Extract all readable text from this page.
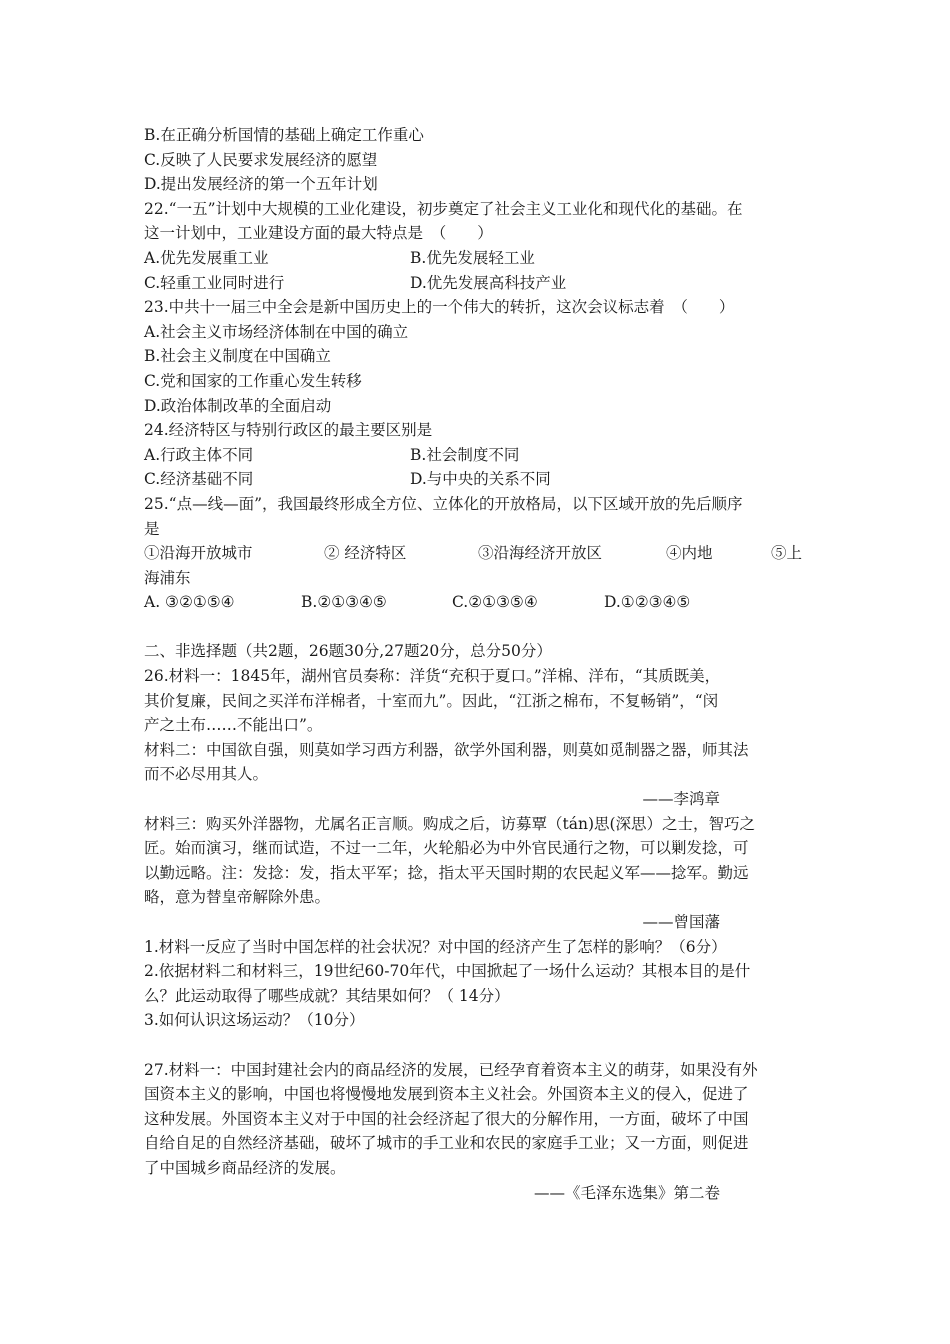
B.在正确分析国情的基础上确定工作重心
C.反映了人民要求发展经济的愿望
D.提出发展经济的第一个五年计划
22.“一五”计划中大规模的工业化建设，初步奠定了社会主义工业化和现代化的基础。在
这一计划中，工业建设方面的最大特点是　（　　）
A.优先发展重工业	B.优先发展轻工业
C.轻重工业同时进行	D.优先发展高科技产业
23.中共十一届三中全会是新中国历史上的一个伟大的转折，这次会议标志着　（　　）
A.社会主义市场经济体制在中国的确立
B.社会主义制度在中国确立
C.党和国家的工作重心发生转移
D.政治体制改革的全面启动
24.经济特区与特别行政区的最主要区别是
A.行政主体不同	B.社会制度不同
C.经济基础不同	D.与中央的关系不同
25.“点—线—面”，我国最终形成全方位、立体化的开放格局，以下区域开放的先后顺序
是
①沿海开放城市	② 经济特区	③沿海经济开放区	④内地	⑤上
海浦东
A. ③②①⑤④	B.②①③④⑤	C.②①③⑤④	D.①②③④⑤
二、非选择题（共2题，26题30分,27题20分，总分50分）
26.材料一：1845年，湖州官员奏称：洋货“充积于夏口。”洋棉、洋布，“其质既美，
其价复廉，民间之买洋布洋棉者，十室而九”。因此，“江浙之棉布，不复畅销”，“闵
产之土布……不能出口”。
材料二：中国欲自强，则莫如学习西方利器，欲学外国利器，则莫如觅制器之器，师其法
而不必尽用其人。
——李鸿章
材料三：购买外洋器物，尤属名正言顺。购成之后，访募覃（tán)思(深思）之士，智巧之
匠。始而演习，继而试造，不过一二年，火轮船必为中外官民通行之物，可以剿发捻，可
以勤远略。注：发捻：发，指太平军；捻，指太平天国时期的农民起义军——捻军。勤远
略，意为替皇帝解除外患。
——曾国藩
1.材料一反应了当时中国怎样的社会状况？对中国的经济产生了怎样的影响？（6分）
2.依据材料二和材料三，19世纪60-70年代，中国掀起了一场什么运动？其根本目的是什
么？此运动取得了哪些成就？其结果如何？（ 14分）
3.如何认识这场运动？（10分）
27.材料一：中国封建社会内的商品经济的发展，已经孕育着资本主义的萌芽，如果没有外
国资本主义的影响，中国也将慢慢地发展到资本主义社会。外国资本主义的侵入，促进了
这种发展。外国资本主义对于中国的社会经济起了很大的分解作用，一方面，破坏了中国
自给自足的自然经济基础，破坏了城市的手工业和农民的家庭手工业；又一方面，则促进
了中国城乡商品经济的发展。
——《毛泽东选集》第二卷
